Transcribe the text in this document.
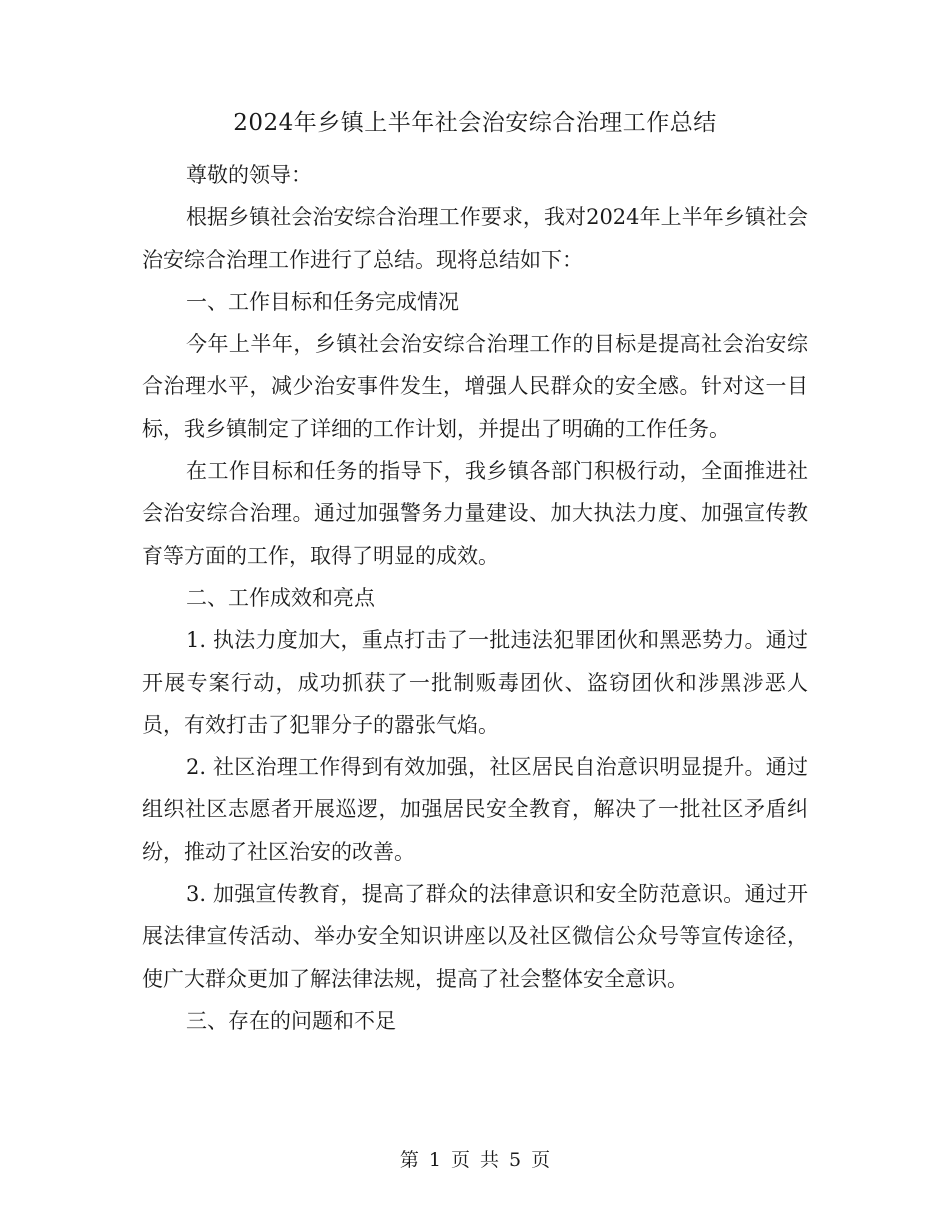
2024年乡镇上半年社会治安综合治理工作总结

尊敬的领导：

根据乡镇社会治安综合治理工作要求，我对2024年上半年乡镇社会治安综合治理工作进行了总结。现将总结如下：

一、工作目标和任务完成情况

今年上半年，乡镇社会治安综合治理工作的目标是提高社会治安综合治理水平，减少治安事件发生，增强人民群众的安全感。针对这一目标，我乡镇制定了详细的工作计划，并提出了明确的工作任务。

在工作目标和任务的指导下，我乡镇各部门积极行动，全面推进社会治安综合治理。通过加强警务力量建设、加大执法力度、加强宣传教育等方面的工作，取得了明显的成效。

二、工作成效和亮点

1. 执法力度加大，重点打击了一批违法犯罪团伙和黑恶势力。通过开展专案行动，成功抓获了一批制贩毒团伙、盗窃团伙和涉黑涉恶人员，有效打击了犯罪分子的嚣张气焰。

2. 社区治理工作得到有效加强，社区居民自治意识明显提升。通过组织社区志愿者开展巡逻，加强居民安全教育，解决了一批社区矛盾纠纷，推动了社区治安的改善。

3. 加强宣传教育，提高了群众的法律意识和安全防范意识。通过开展法律宣传活动、举办安全知识讲座以及社区微信公众号等宣传途径，使广大群众更加了解法律法规，提高了社会整体安全意识。

三、存在的问题和不足

第 1 页 共 5 页
